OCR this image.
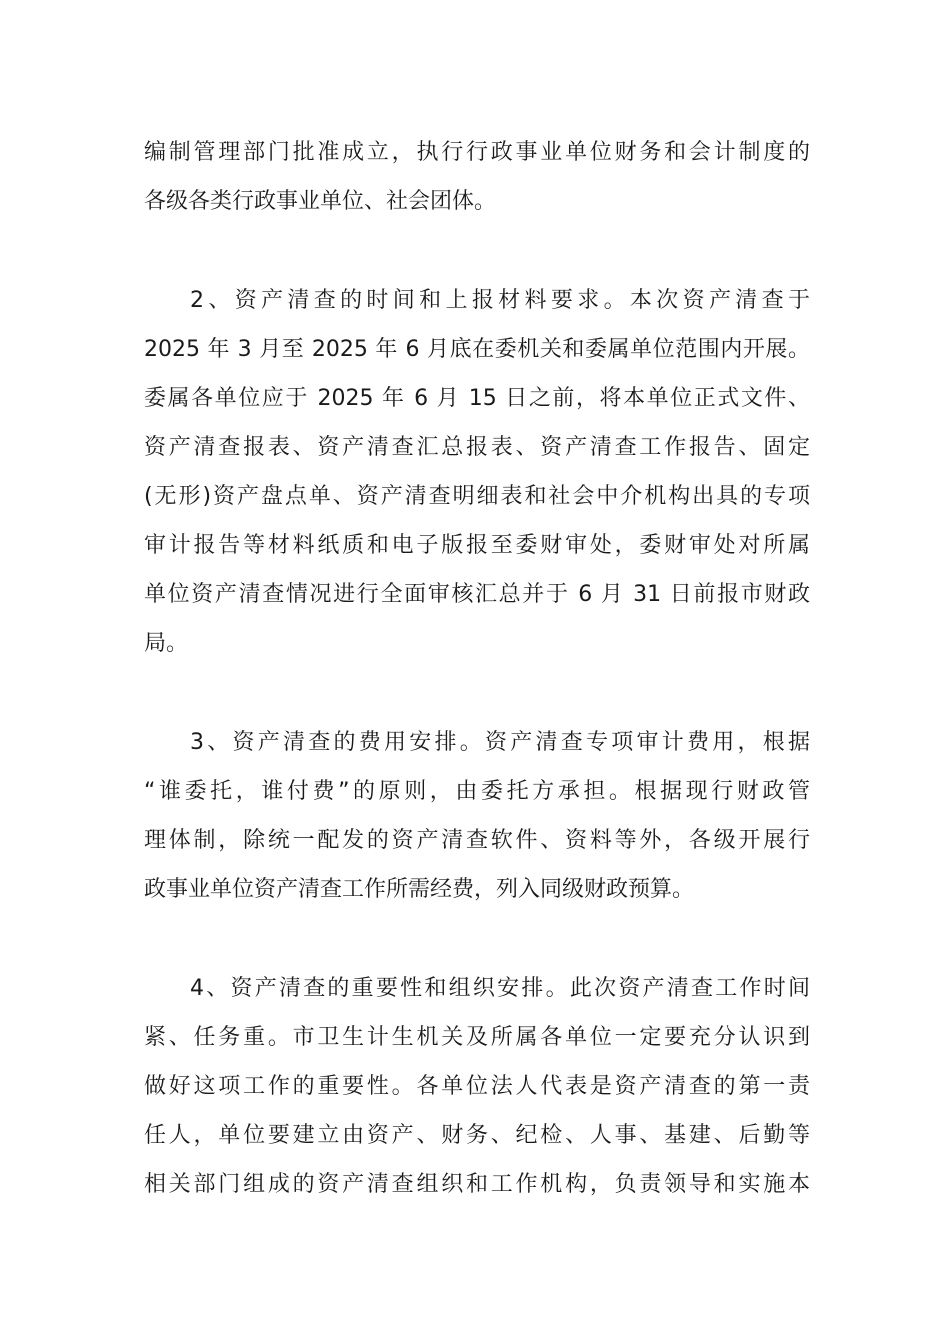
编制管理部门批准成立，执行行政事业单位财务和会计制度的

各级各类行政事业单位、社会团体。

2、资产清查的时间和上报材料要求。本次资产清查于

2025 年 3 月至 2025 年 6 月底在委机关和委属单位范围内开展。

委属各单位应于 2025 年 6 月 15 日之前，将本单位正式文件、

资产清查报表、资产清查汇总报表、资产清查工作报告、固定

(无形)资产盘点单、资产清查明细表和社会中介机构出具的专项

审计报告等材料纸质和电子版报至委财审处，委财审处对所属

单位资产清查情况进行全面审核汇总并于 6 月 31 日前报市财政

局。

3、资产清查的费用安排。资产清查专项审计费用，根据

“谁委托，谁付费”的原则，由委托方承担。根据现行财政管

理体制，除统一配发的资产清查软件、资料等外，各级开展行

政事业单位资产清查工作所需经费，列入同级财政预算。

4、资产清查的重要性和组织安排。此次资产清查工作时间

紧、任务重。市卫生计生机关及所属各单位一定要充分认识到

做好这项工作的重要性。各单位法人代表是资产清查的第一责

任人，单位要建立由资产、财务、纪检、人事、基建、后勤等

相关部门组成的资产清查组织和工作机构，负责领导和实施本
